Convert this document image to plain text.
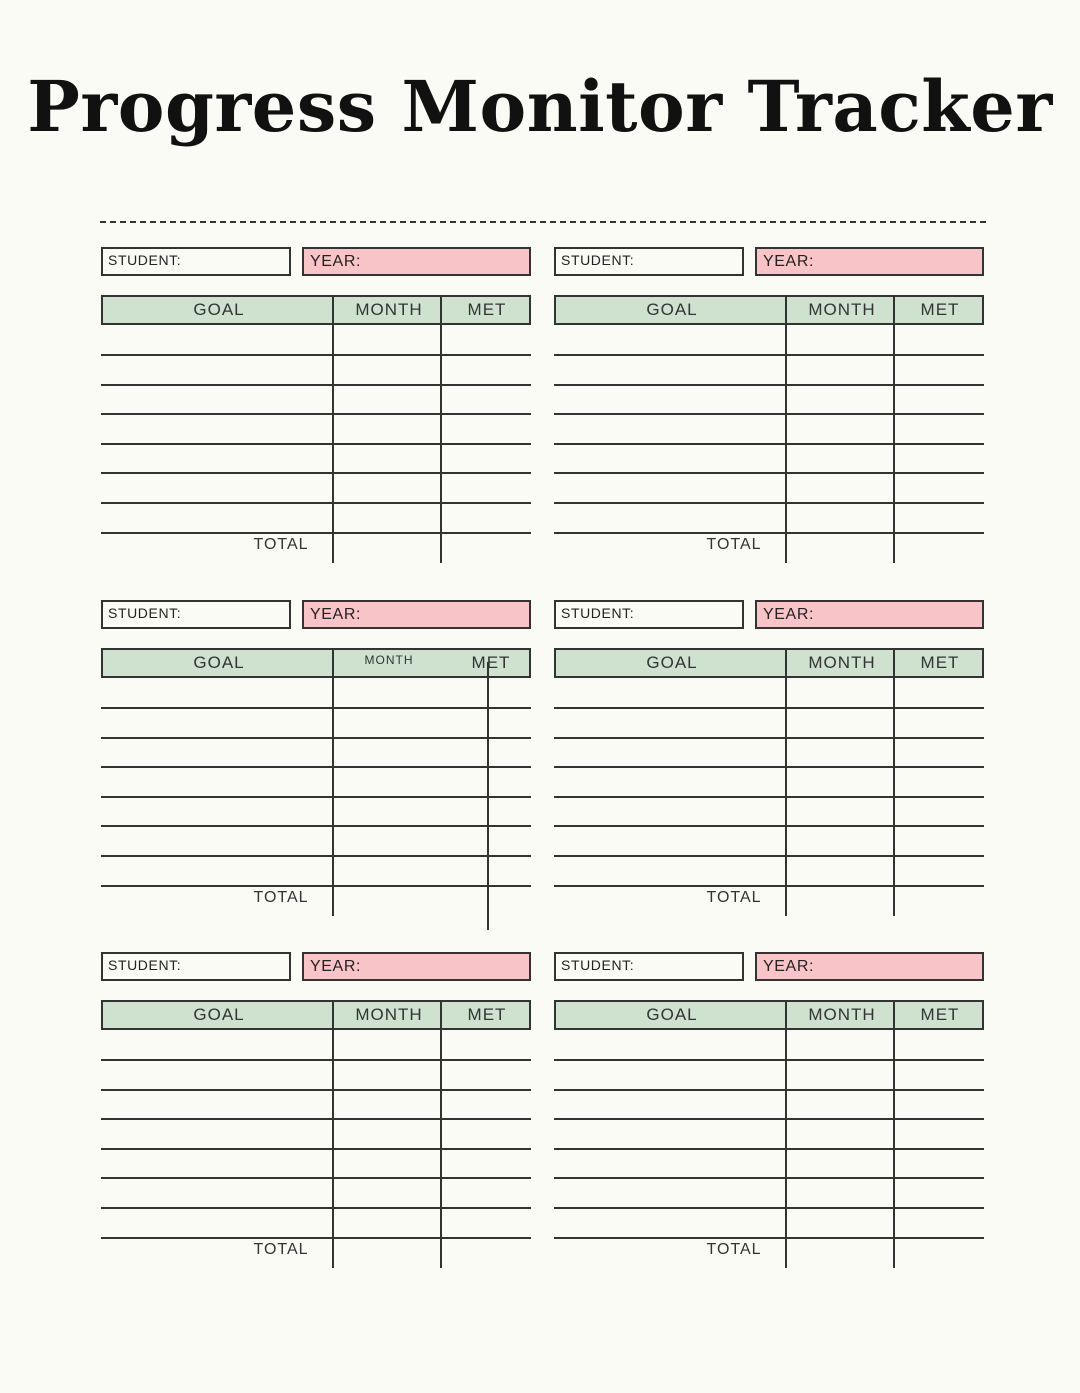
Progress Monitor Tracker
STUDENT:	YEAR:
GOAL	MONTH	MET
TOTAL
STUDENT:	YEAR:
GOAL	MONTH	MET
TOTAL
STUDENT:	YEAR:
GOAL	MONTH	MET
TOTAL
STUDENT:	YEAR:
GOAL	MONTH	MET
TOTAL
STUDENT:	YEAR:
GOAL	MONTH	MET
TOTAL
STUDENT:	YEAR:
GOAL	MONTH	MET
TOTAL
